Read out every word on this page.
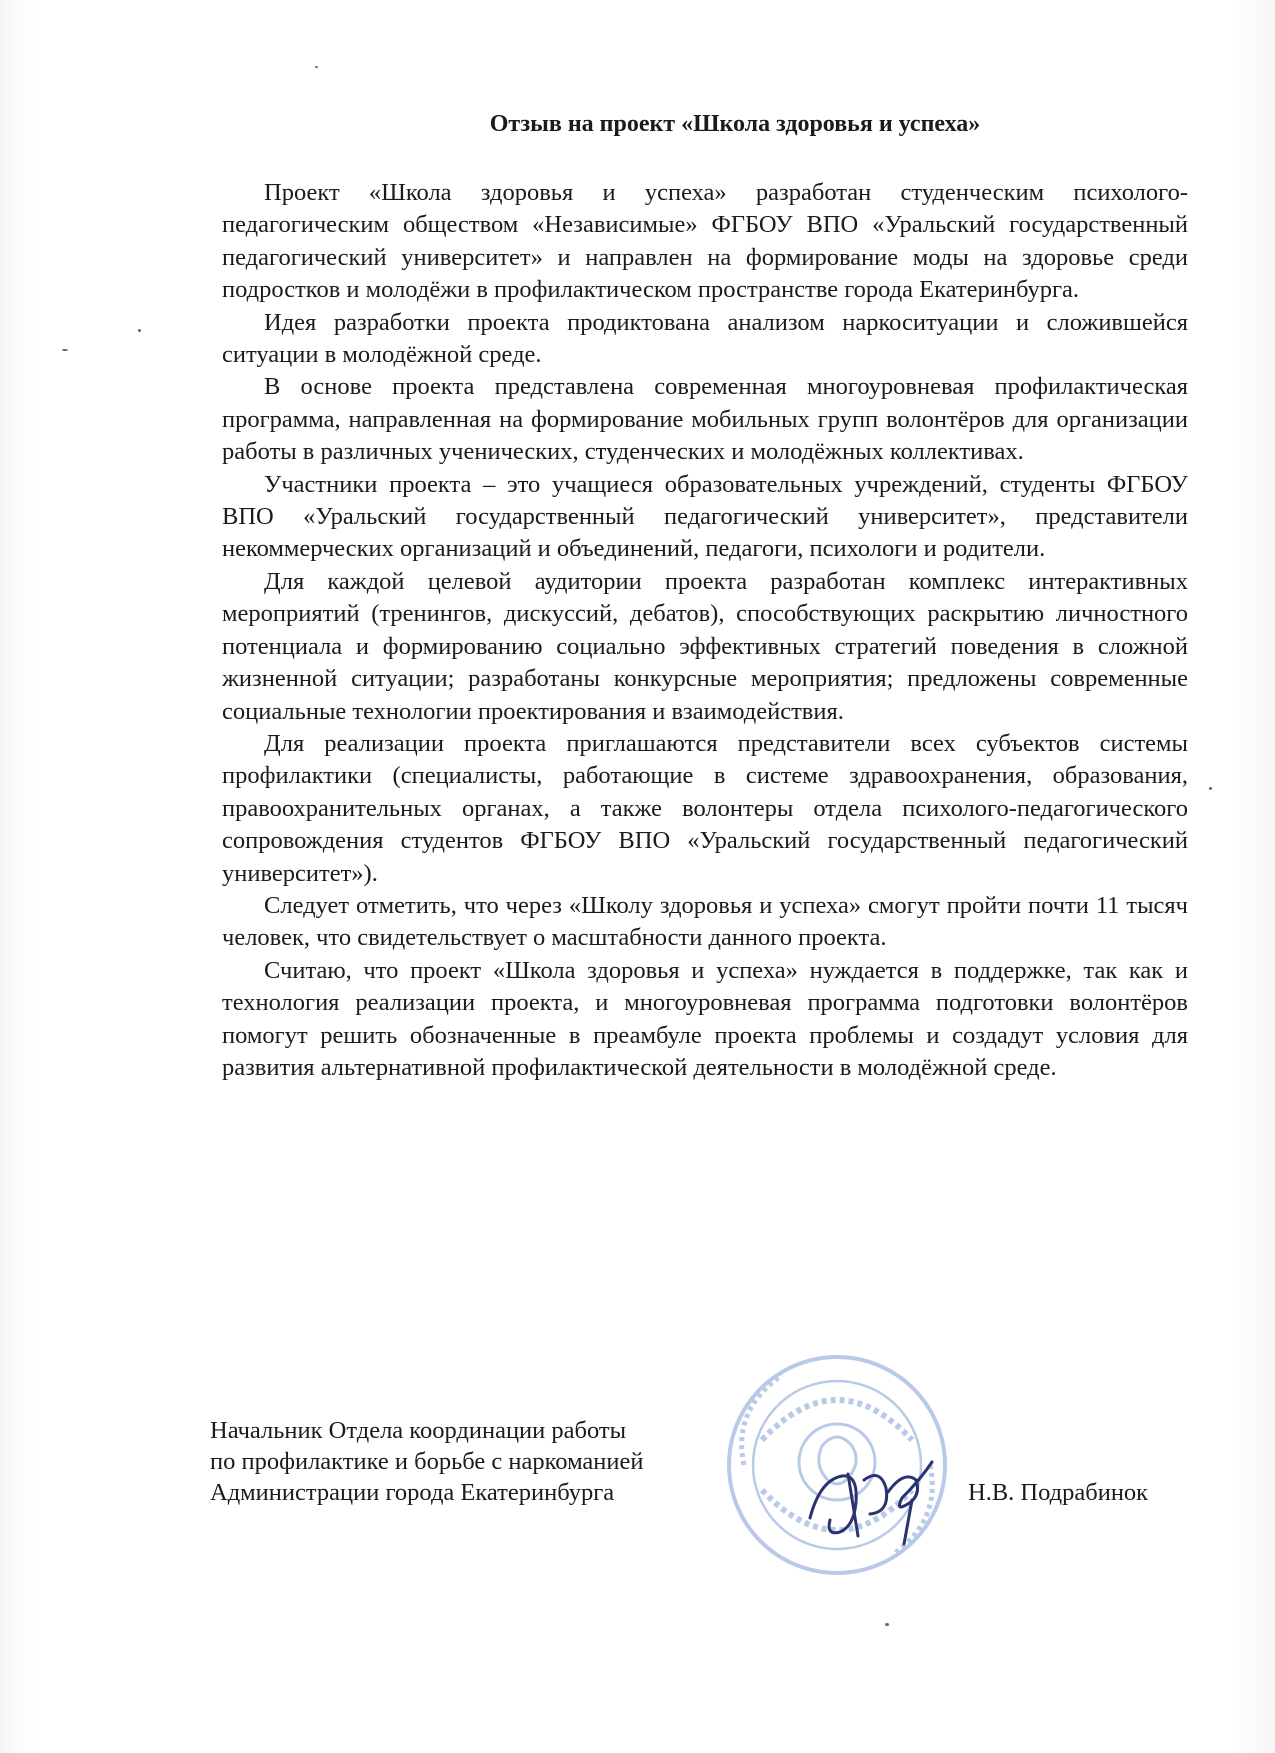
Отзыв на проект «Школа здоровья и успеха»

Проект «Школа здоровья и успеха» разработан студенческим психолого-педагогическим обществом «Независимые» ФГБОУ ВПО «Уральский государственный педагогический университет» и направлен на формирование моды на здоровье среди подростков и молодёжи в профилактическом пространстве города Екатеринбурга.

Идея разработки проекта продиктована анализом наркоситуации и сложившейся ситуации в молодёжной среде.

В основе проекта представлена современная многоуровневая профилактическая программа, направленная на формирование мобильных групп волонтёров для организации работы в различных ученических, студенческих и молодёжных коллективах.

Участники проекта – это учащиеся образовательных учреждений, студенты ФГБОУ ВПО «Уральский государственный педагогический университет», представители некоммерческих организаций и объединений, педагоги, психологи и родители.

Для каждой целевой аудитории проекта разработан комплекс интерактивных мероприятий (тренингов, дискуссий, дебатов), способствующих раскрытию личностного потенциала и формированию социально эффективных стратегий поведения в сложной жизненной ситуации; разработаны конкурсные мероприятия; предложены современные социальные технологии проектирования и взаимодействия.

Для реализации проекта приглашаются представители всех субъектов системы профилактики (специалисты, работающие в системе здравоохранения, образования, правоохранительных органах, а также волонтеры отдела психолого-педагогического сопровождения студентов ФГБОУ ВПО «Уральский государственный педагогический университет»).

Следует отметить, что через «Школу здоровья и успеха» смогут пройти почти 11 тысяч человек, что свидетельствует о масштабности данного проекта.

Считаю, что проект «Школа здоровья и успеха» нуждается в поддержке, так как и технология реализации проекта, и многоуровневая программа подготовки волонтёров помогут решить обозначенные в преамбуле проекта проблемы и создадут условия для развития альтернативной профилактической деятельности в молодёжной среде.

Начальник Отдела координации работы
по профилактике и борьбе с наркоманией
Администрации города Екатеринбурга	Н.В. Подрабинок
